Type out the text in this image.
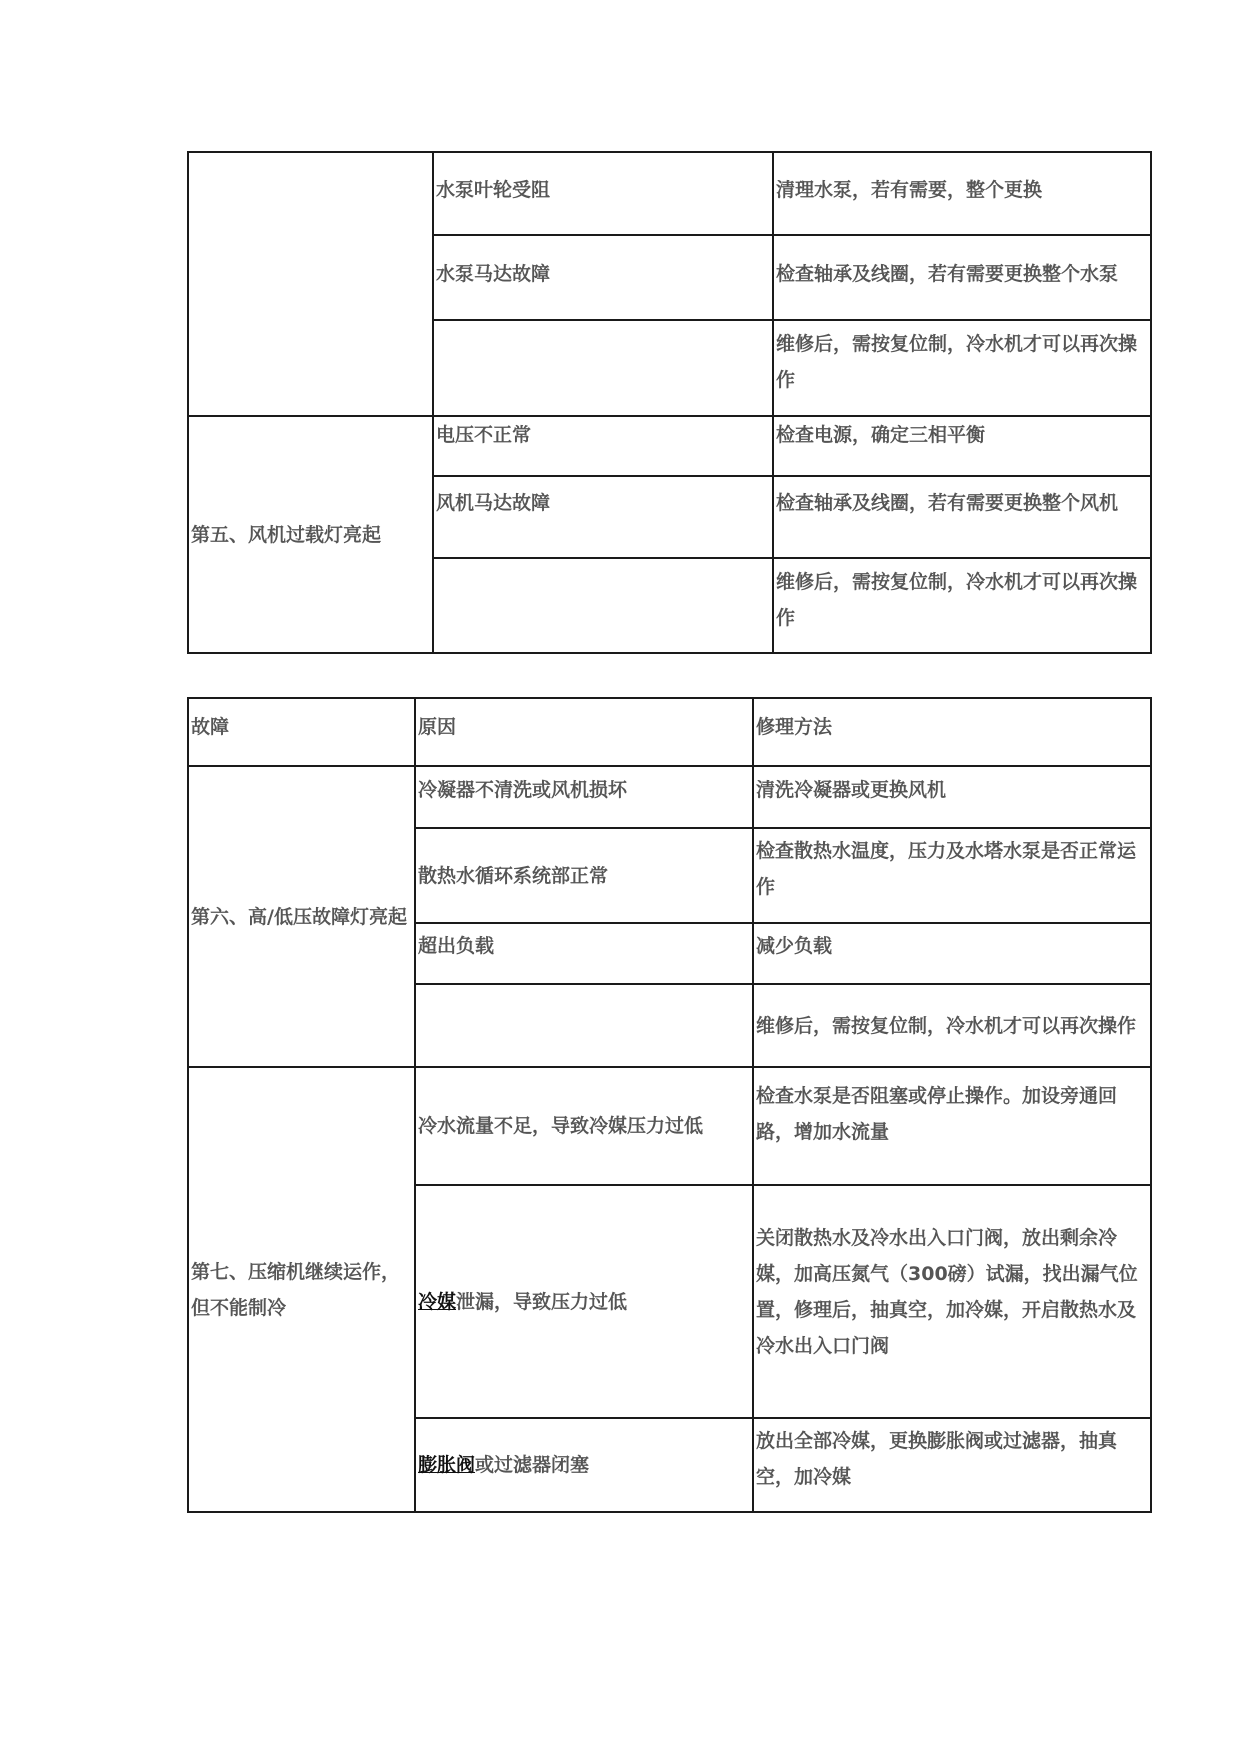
	水泵叶轮受阻	清理水泵，若有需要，整个更换
	水泵马达故障	检查轴承及线圈，若有需要更换整个水泵
		维修后，需按复位制，冷水机才可以再次操作
第五、风机过载灯亮起	电压不正常	检查电源，确定三相平衡
	风机马达故障	检查轴承及线圈，若有需要更换整个风机
		维修后，需按复位制，冷水机才可以再次操作
故障	原因	修理方法
第六、高/低压故障灯亮起	冷凝器不清洗或风机损坏	清洗冷凝器或更换风机
	散热水循环系统部正常	检查散热水温度，压力及水塔水泵是否正常运作
	超出负载	减少负载
		维修后，需按复位制，冷水机才可以再次操作
第七、压缩机继续运作，但不能制冷	冷水流量不足，导致冷媒压力过低	检查水泵是否阻塞或停止操作。加设旁通回路，增加水流量
	冷媒泄漏，导致压力过低	关闭散热水及冷水出入口门阀，放出剩余冷媒，加高压氮气（300磅）试漏，找出漏气位置，修理后，抽真空，加冷媒，开启散热水及冷水出入口门阀
	膨胀阀或过滤器闭塞	放出全部冷媒，更换膨胀阀或过滤器，抽真空，加冷媒
